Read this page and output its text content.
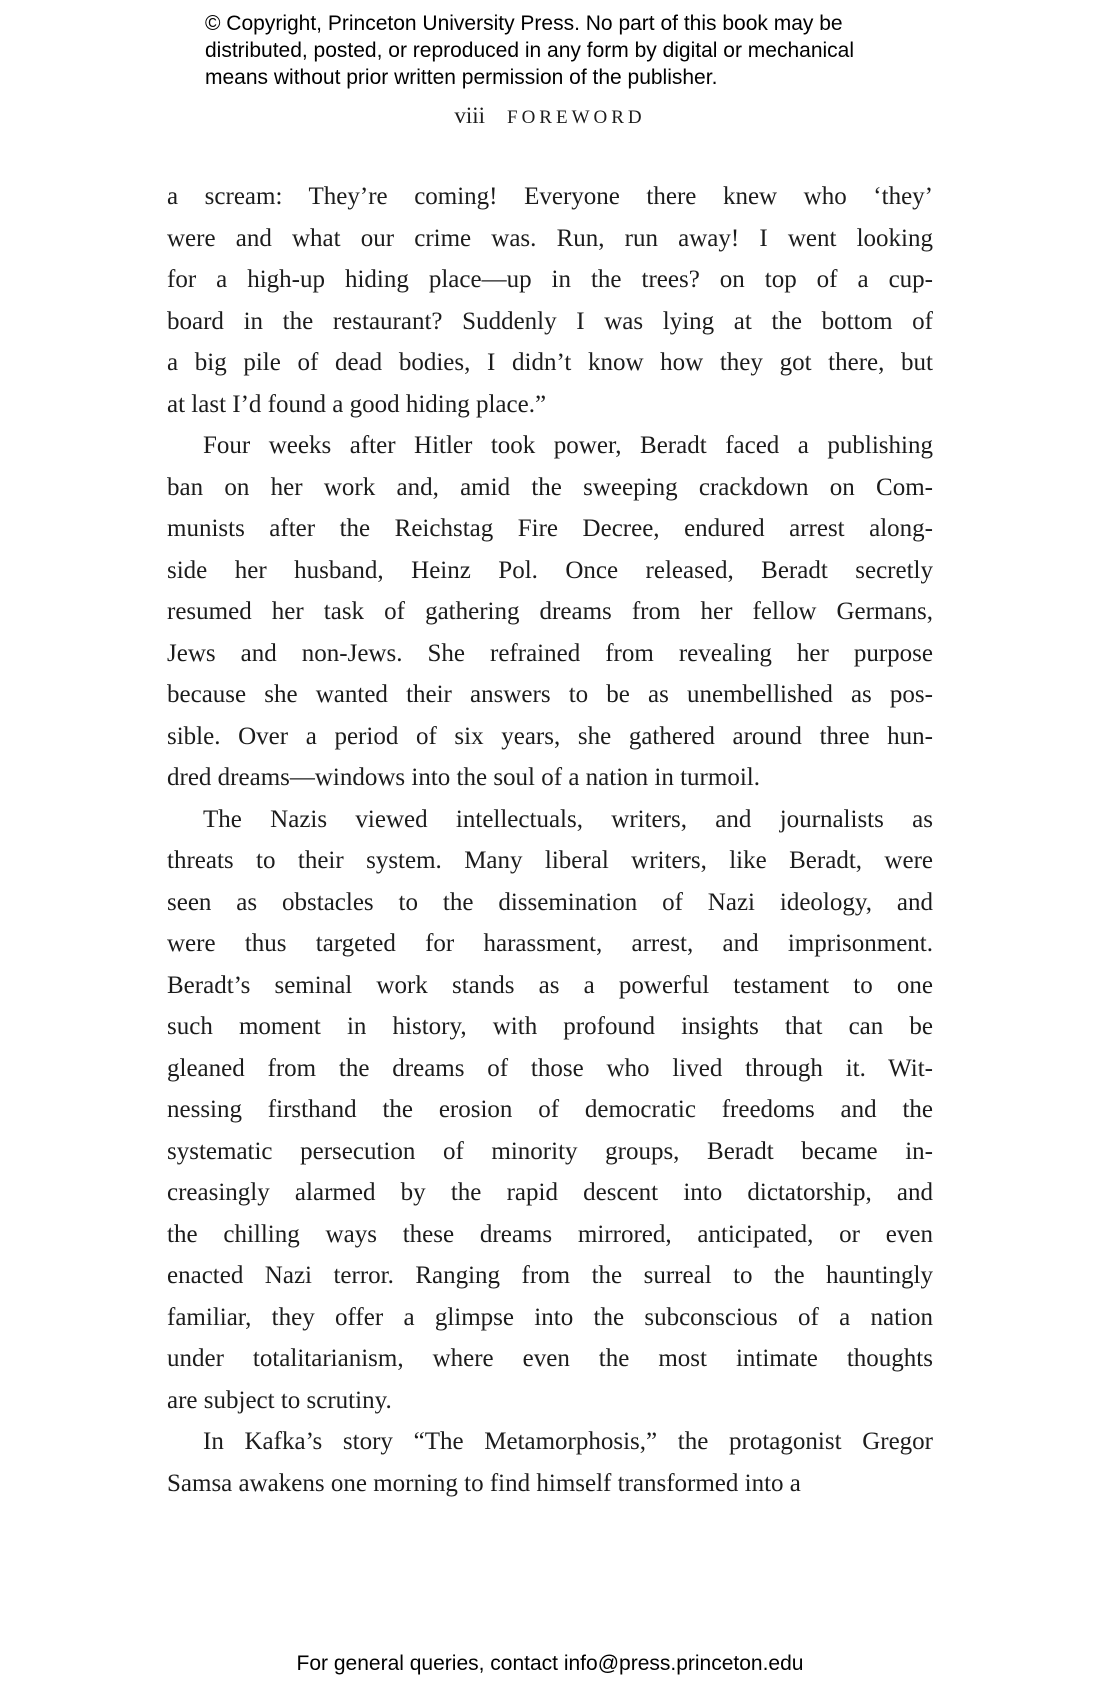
© Copyright, Princeton University Press. No part of this book may be
distributed, posted, or reproduced in any form by digital or mechanical
means without prior written permission of the publisher.
viii FOREWORD
a scream: They’re coming! Everyone there knew who ‘they’
were and what our crime was. Run, run away! I went looking
for a high-up hiding place—up in the trees? on top of a cup-
board in the restaurant? Suddenly I was lying at the bottom of
a big pile of dead bodies, I didn’t know how they got there, but
at last I’d found a good hiding place.”
Four weeks after Hitler took power, Beradt faced a publishing
ban on her work and, amid the sweeping crackdown on Com-
munists after the Reichstag Fire Decree, endured arrest along-
side her husband, Heinz Pol. Once released, Beradt secretly
resumed her task of gathering dreams from her fellow Germans,
Jews and non-Jews. She refrained from revealing her purpose
because she wanted their answers to be as unembellished as pos-
sible. Over a period of six years, she gathered around three hun-
dred dreams—windows into the soul of a nation in turmoil.
The Nazis viewed intellectuals, writers, and journalists as
threats to their system. Many liberal writers, like Beradt, were
seen as obstacles to the dissemination of Nazi ideology, and
were thus targeted for harassment, arrest, and imprisonment.
Beradt’s seminal work stands as a powerful testament to one
such moment in history, with profound insights that can be
gleaned from the dreams of those who lived through it. Wit-
nessing firsthand the erosion of democratic freedoms and the
systematic persecution of minority groups, Beradt became in-
creasingly alarmed by the rapid descent into dictatorship, and
the chilling ways these dreams mirrored, anticipated, or even
enacted Nazi terror. Ranging from the surreal to the hauntingly
familiar, they offer a glimpse into the subconscious of a nation
under totalitarianism, where even the most intimate thoughts
are subject to scrutiny.
In Kafka’s story “The Metamorphosis,” the protagonist Gregor
Samsa awakens one morning to find himself transformed into a
For general queries, contact info@press.princeton.edu
